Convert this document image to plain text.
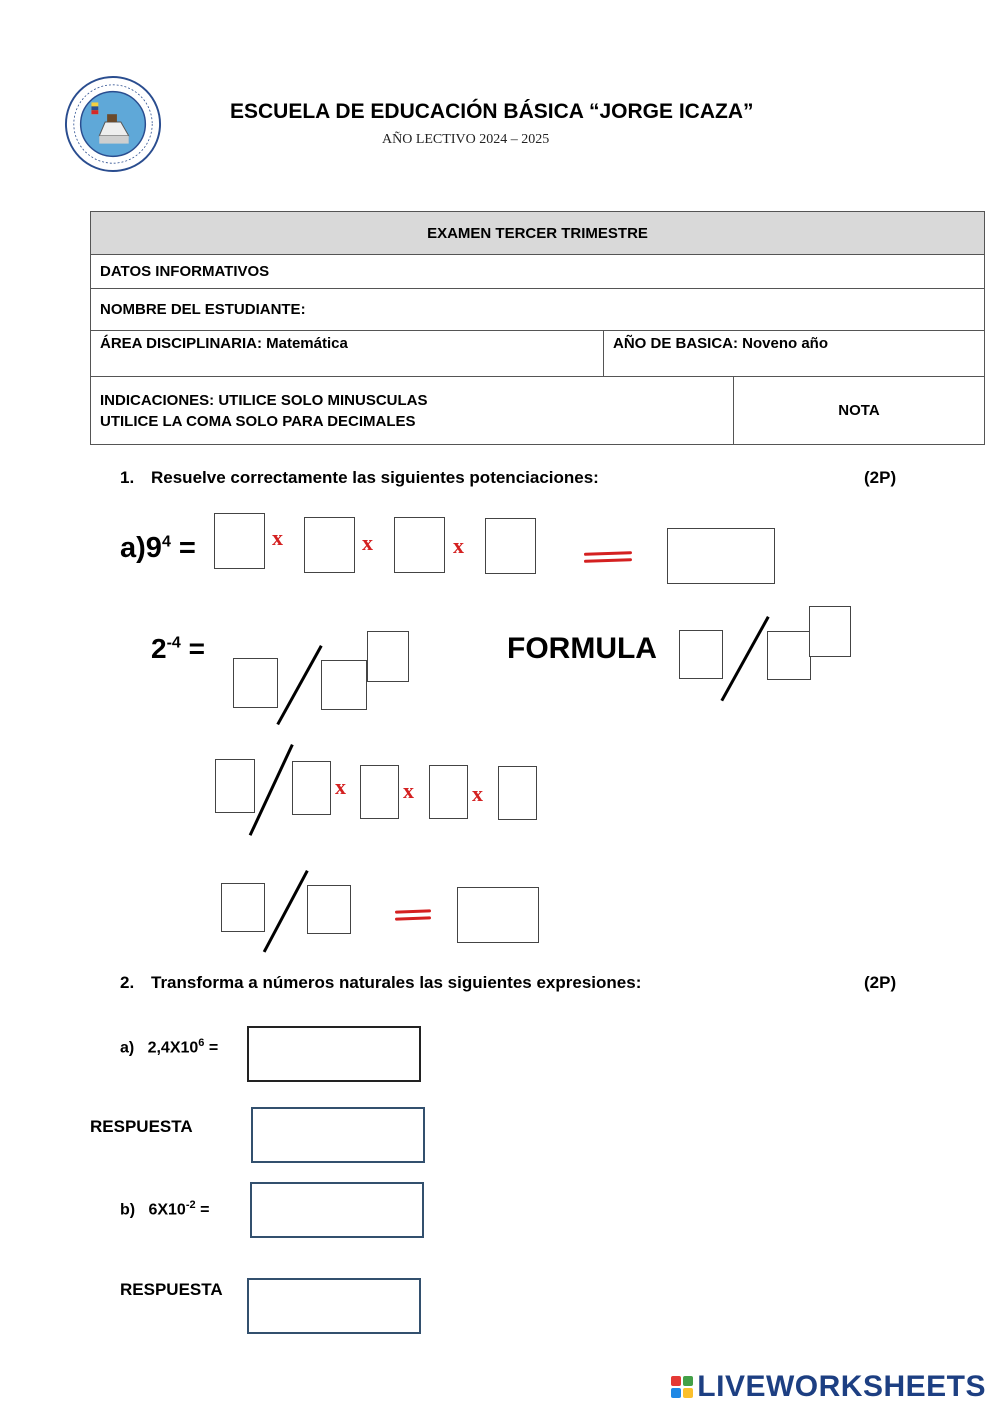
ESCUELA DE EDUCACIÓN BÁSICA “JORGE ICAZA”
AÑO LECTIVO 2024 – 2025
EXAMEN TERCER TRIMESTRE		
DATOS INFORMATIVOS		
NOMBRE DEL ESTUDIANTE:		
ÁREA DISCIPLINARIA: Matemática	AÑO DE BASICA: Noveno año	

INDICACIONES: UTILICE SOLO MINUSCULAS
UTILICE LA COMA SOLO PARA DECIMALES		NOTA
1. Resuelve correctamente las siguientes potenciaciones:	(2P)
$a)9^4$ =	x	x	x
$2^{-4}$ =	FORMULA
x	x	x
2. Transforma a números naturales las siguientes expresiones:	(2P)
a) $2,4X10^6$ =
RESPUESTA
b) $6X10^{-2}$ =
RESPUESTA
LIVEWORKSHEETS
